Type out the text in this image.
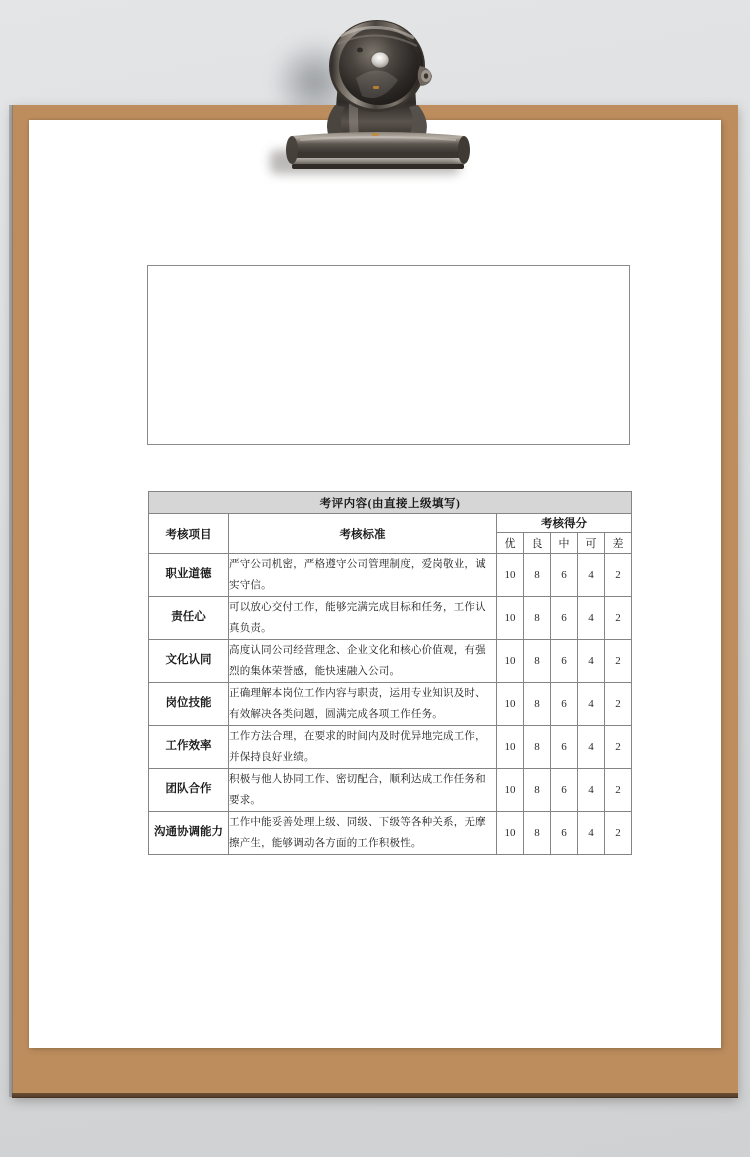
考评内容(由直接上级填写)						
考核项目	考核标准	考核得分				
		优	良	中	可	差
职业道德	严守公司机密，严格遵守公司管理制度，爱岗敬业，诚实守信。	10	8	6	4	2
责任心	可以放心交付工作，能够完满完成目标和任务，工作认真负责。	10	8	6	4	2
文化认同	高度认同公司经营理念、企业文化和核心价值观，有强烈的集体荣誉感，能快速融入公司。	10	8	6	4	2
岗位技能	正确理解本岗位工作内容与职责，运用专业知识及时、有效解决各类问题，圆满完成各项工作任务。	10	8	6	4	2
工作效率	工作方法合理，在要求的时间内及时优异地完成工作，并保持良好业绩。	10	8	6	4	2
团队合作	积极与他人协同工作、密切配合，顺利达成工作任务和要求。	10	8	6	4	2
沟通协调能力	工作中能妥善处理上级、同级、下级等各种关系，无摩擦产生，能够调动各方面的工作积极性。	10	8	6	4	2
